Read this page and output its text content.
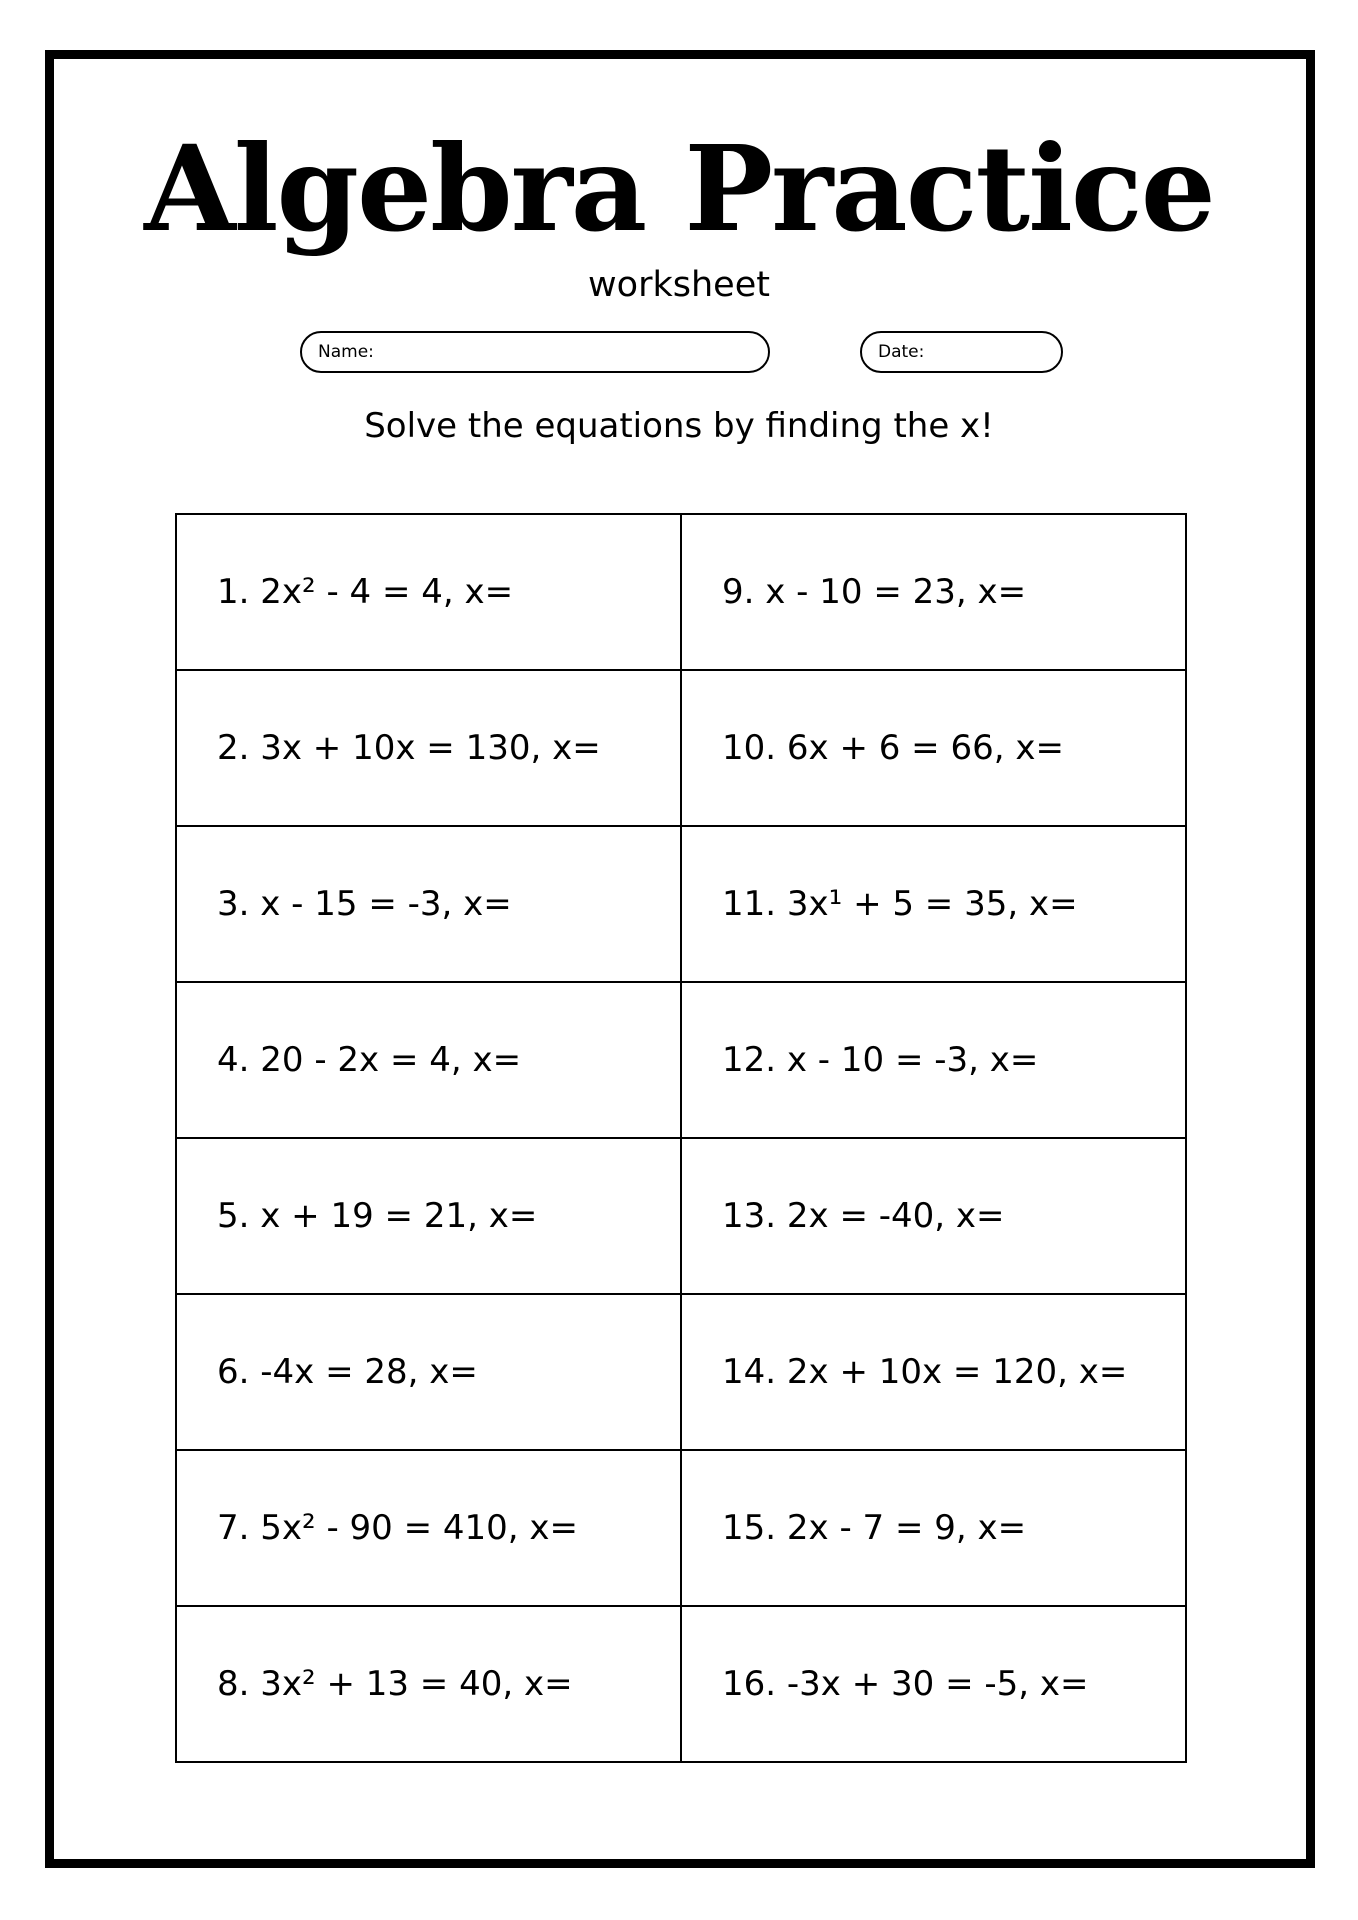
Algebra Practice
worksheet
Name:	Date:
Solve the equations by finding the x!
1. 2x² - 4 = 4, x=	9. x - 10 = 23, x=
2. 3x + 10x = 130, x=	10. 6x + 6 = 66, x=
3. x - 15 = -3, x=	11. 3x¹ + 5 = 35, x=
4. 20 - 2x = 4, x=	12. x - 10 = -3, x=
5. x + 19 = 21, x=	13. 2x = -40, x=
6. -4x = 28, x=	14. 2x + 10x = 120, x=
7. 5x² - 90 = 410, x=	15. 2x - 7 = 9, x=
8. 3x² + 13 = 40, x=	16. -3x + 30 = -5, x=
